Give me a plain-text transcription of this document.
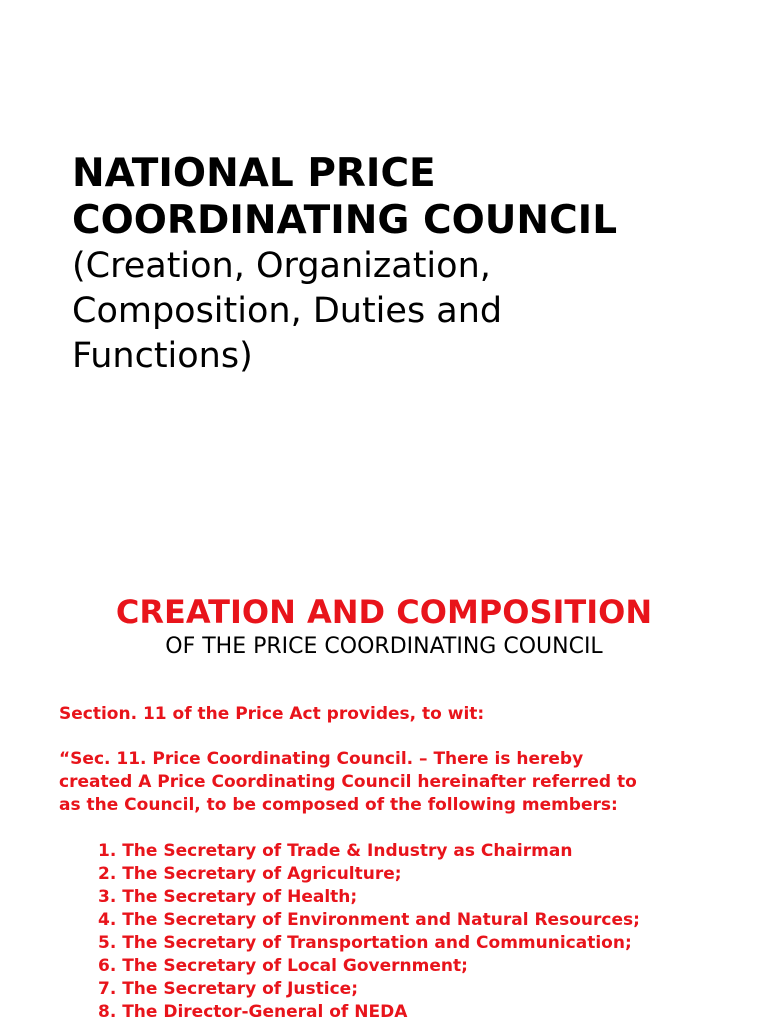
NATIONAL PRICE
COORDINATING COUNCIL
(Creation, Organization,
Composition, Duties and
Functions)
CREATION AND COMPOSITION
OF THE PRICE COORDINATING COUNCIL
Section. 11 of the Price Act provides, to wit:
“Sec. 11. Price Coordinating Council. – There is hereby
created A Price Coordinating Council hereinafter referred to
as the Council, to be composed of the following members:
1. The Secretary of Trade & Industry as Chairman
2. The Secretary of Agriculture;
3. The Secretary of Health;
4. The Secretary of Environment and Natural Resources;
5. The Secretary of Transportation and Communication;
6. The Secretary of Local Government;
7. The Secretary of Justice;
8. The Director-General of NEDA
